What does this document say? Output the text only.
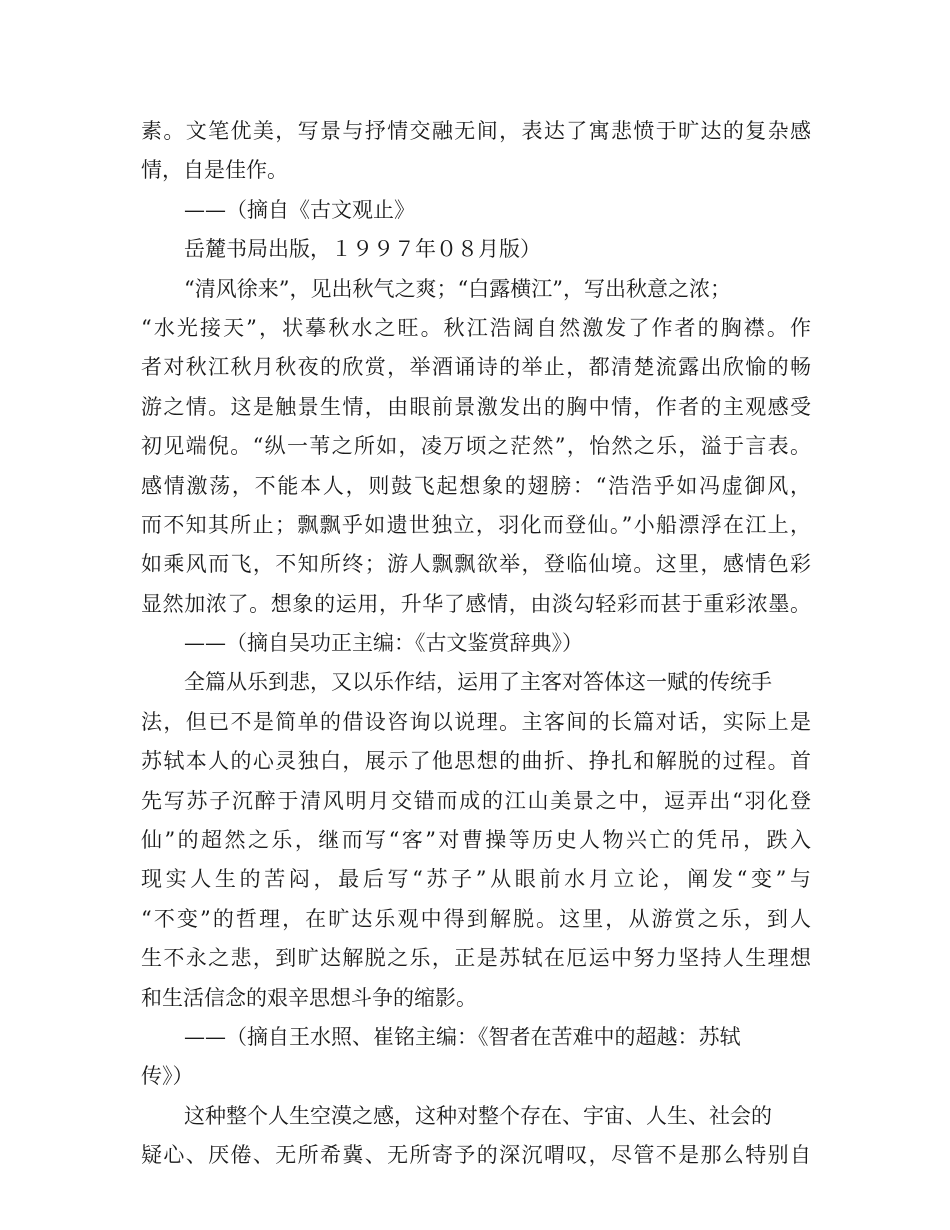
素。文笔优美，写景与抒情交融无间，表达了寓悲愤于旷达的复杂感
情，自是佳作。
——（摘自《古文观止》
岳麓书局出版，１９９７年０８月版）
“清风徐来”，见出秋气之爽；“白露横江”，写出秋意之浓；
“水光接天”，状摹秋水之旺。秋江浩阔自然激发了作者的胸襟。作
者对秋江秋月秋夜的欣赏，举酒诵诗的举止，都清楚流露出欣愉的畅
游之情。这是触景生情，由眼前景激发出的胸中情，作者的主观感受
初见端倪。“纵一苇之所如，凌万顷之茫然”，怡然之乐，溢于言表。
感情激荡，不能本人，则鼓飞起想象的翅膀：“浩浩乎如冯虚御风，
而不知其所止；飘飘乎如遗世独立，羽化而登仙。”小船漂浮在江上，
如乘风而飞，不知所终；游人飘飘欲举，登临仙境。这里，感情色彩
显然加浓了。想象的运用，升华了感情，由淡勾轻彩而甚于重彩浓墨。
——（摘自吴功正主编：《古文鉴赏辞典》）
全篇从乐到悲，又以乐作结，运用了主客对答体这一赋的传统手
法，但已不是简单的借设咨询以说理。主客间的长篇对话，实际上是
苏轼本人的心灵独白，展示了他思想的曲折、挣扎和解脱的过程。首
先写苏子沉醉于清风明月交错而成的江山美景之中，逗弄出“羽化登
仙”的超然之乐，继而写“客”对曹操等历史人物兴亡的凭吊，跌入
现实人生的苦闷，最后写“苏子”从眼前水月立论，阐发“变”与
“不变”的哲理，在旷达乐观中得到解脱。这里，从游赏之乐，到人
生不永之悲，到旷达解脱之乐，正是苏轼在厄运中努力坚持人生理想
和生活信念的艰辛思想斗争的缩影。
——（摘自王水照、崔铭主编：《智者在苦难中的超越：苏轼
传》）
这种整个人生空漠之感，这种对整个存在、宇宙、人生、社会的
疑心、厌倦、无所希冀、无所寄予的深沉喟叹，尽管不是那么特别自
